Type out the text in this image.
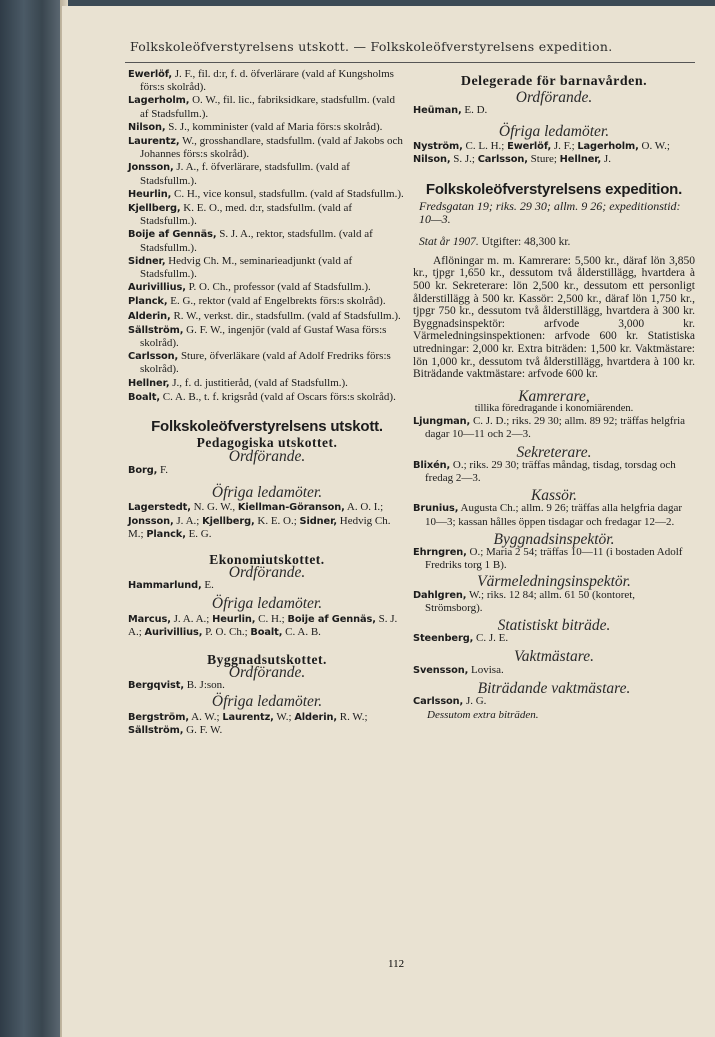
Folkskoleöfverstyrelsens utskott. — Folkskoleöfverstyrelsens expedition.
Ewerlöf, J. F., fil. d:r, f. d. öfverlärare (vald af Kungsholms förs:s skolråd).
Lagerholm, O. W., fil. lic., fabriksidkare, stadsfullm. (vald af Stadsfullm.).
Nilson, S. J., komminister (vald af Maria förs:s skolråd).
Laurentz, W., grosshandlare, stadsfullm. (vald af Jakobs och Johannes förs:s skolråd).
Jonsson, J. A., f. öfverlärare, stadsfullm. (vald af Stadsfullm.).
Heurlin, C. H., vice konsul, stadsfullm. (vald af Stadsfullm.).
Kjellberg, K. E. O., med. d:r, stadsfullm. (vald af Stadsfullm.).
Boije af Gennäs, S. J. A., rektor, stadsfullm. (vald af Stadsfullm.).
Sidner, Hedvig Ch. M., seminarieadjunkt (vald af Stadsfullm.).
Aurivillius, P. O. Ch., professor (vald af Stadsfullm.).
Planck, E. G., rektor (vald af Engelbrekts förs:s skolråd).
Alderin, R. W., verkst. dir., stadsfullm. (vald af Stadsfullm.).
Sällström, G. F. W., ingenjör (vald af Gustaf Wasa förs:s skolråd).
Carlsson, Sture, öfverläkare (vald af Adolf Fredriks förs:s skolråd).
Hellner, J., f. d. justitieråd, (vald af Stadsfullm.).
Boalt, C. A. B., t. f. krigsråd (vald af Oscars förs:s skolråd).
Folkskoleöfverstyrelsens utskott.
Pedagogiska utskottet.
Ordförande.
Borg, F.
Öfriga ledamöter.
Lagerstedt, N. G. W., Kiellman-Göranson, A. O. I.; Jonsson, J. A.; Kjellberg, K. E. O.; Sidner, Hedvig Ch. M.; Planck, E. G.
Ekonomiutskottet.
Ordförande.
Hammarlund, E.
Öfriga ledamöter.
Marcus, J. A. A.; Heurlin, C. H.; Boije af Gennäs, S. J. A.; Aurivillius, P. O. Ch.; Boalt, C. A. B.
Byggnadsutskottet.
Ordförande.
Bergqvist, B. J:son.
Öfriga ledamöter.
Bergström, A. W.; Laurentz, W.; Alderin, R. W.; Sällström, G. F. W.
Delegerade för barnavården.
Ordförande.
Heüman, E. D.
Öfriga ledamöter.
Nyström, C. L. H.; Ewerlöf, J. F.; Lagerholm, O. W.; Nilson, S. J.; Carlsson, Sture; Hellner, J.
Folkskoleöfverstyrelsens expedition.
Fredsgatan 19; riks. 29 30; allm. 9 26; expeditionstid: 10—3.
Stat år 1907. Utgifter: 48,300 kr.
Aflöningar m. m. Kamrerare: 5,500 kr., däraf lön 3,850 kr., tjpgr 1,650 kr., dessutom två ålderstillägg, hvartdera à 500 kr. Sekreterare: lön 2,500 kr., dessutom ett personligt ålderstillägg à 500 kr. Kassör: 2,500 kr., däraf lön 1,750 kr., tjpgr 750 kr., dessutom två ålderstillägg, hvartdera à 300 kr. Byggnadsinspektör: arfvode 3,000 kr. Värmeledningsinspektionen: arfvode 600 kr. Statistiska utredningar: 2,000 kr. Extra biträden: 1,500 kr. Vaktmästare: lön 1,000 kr., dessutom två ålderstillägg, hvartdera à 100 kr. Biträdande vaktmästare: arfvode 600 kr.
Kamrerare,
tillika föredragande i konomiärenden.
Ljungman, C. J. D.; riks. 29 30; allm. 89 92; träffas helgfria dagar 10—11 och 2—3.
Sekreterare.
Blixén, O.; riks. 29 30; träffas måndag, tisdag, torsdag och fredag 2—3.
Kassör.
Brunius, Augusta Ch.; allm. 9 26; träffas alla helgfria dagar 10—3; kassan hålles öppen tisdagar och fredagar 12—2.
Byggnadsinspektör.
Ehrngren, O.; Maria 2 54; träffas 10—11 (i bostaden Adolf Fredriks torg 1 B).
Värmeledningsinspektör.
Dahlgren, W.; riks. 12 84; allm. 61 50 (kontoret, Strömsborg).
Statistiskt biträde.
Steenberg, C. J. E.
Vaktmästare.
Svensson, Lovisa.
Biträdande vaktmästare.
Carlsson, J. G.
Dessutom extra biträden.
112
